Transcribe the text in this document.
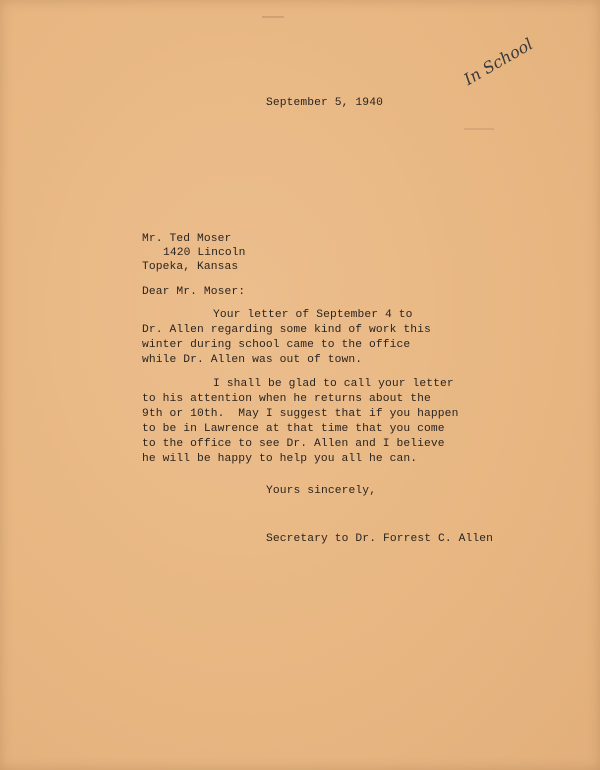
In School
September 5, 1940
Mr. Ted Moser
1420 Lincoln
Topeka, Kansas
Dear Mr. Moser:
Your letter of September 4 to
Dr. Allen regarding some kind of work this
winter during school came to the office
while Dr. Allen was out of town.
I shall be glad to call your letter
to his attention when he returns about the
9th or 10th.  May I suggest that if you happen
to be in Lawrence at that time that you come
to the office to see Dr. Allen and I believe
he will be happy to help you all he can.
Yours sincerely,
Secretary to Dr. Forrest C. Allen
